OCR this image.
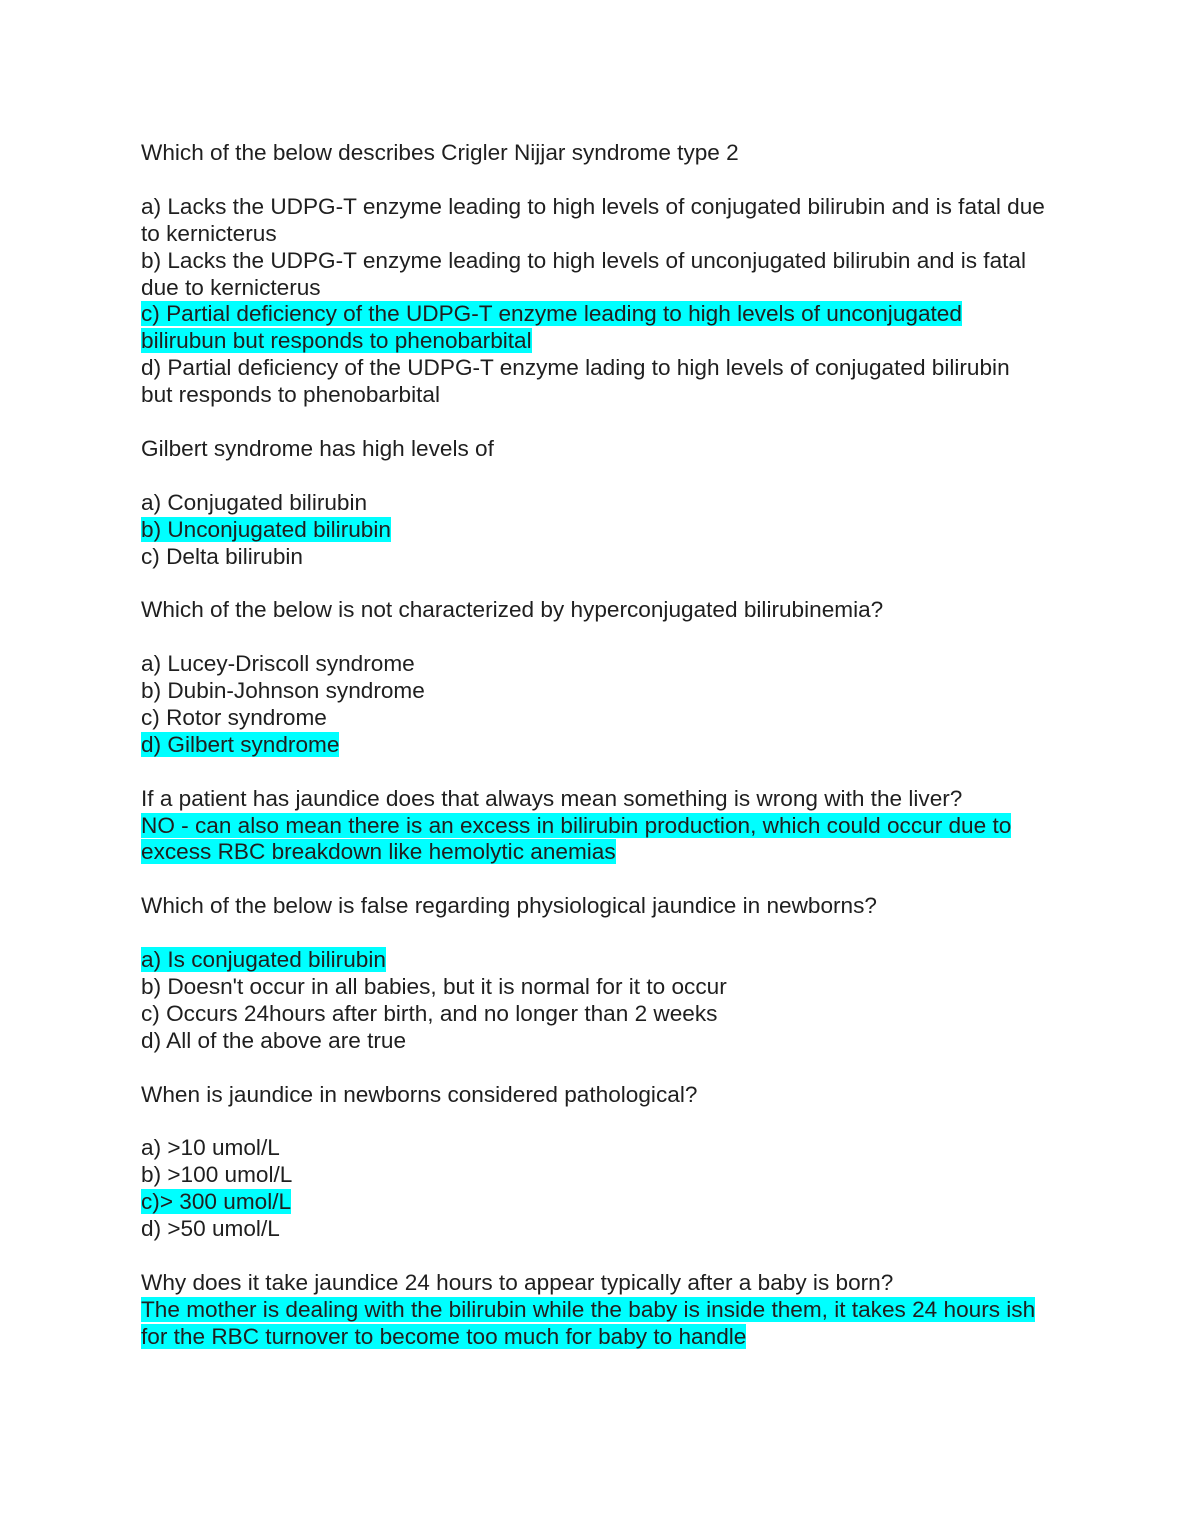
Which of the below describes Crigler Nijjar syndrome type 2

a) Lacks the UDPG-T enzyme leading to high levels of conjugated bilirubin and is fatal due to kernicterus
b) Lacks the UDPG-T enzyme leading to high levels of unconjugated bilirubin and is fatal due to kernicterus
c) Partial deficiency of the UDPG-T enzyme leading to high levels of unconjugated bilirubun but responds to phenobarbital
d) Partial deficiency of the UDPG-T enzyme lading to high levels of conjugated bilirubin but responds to phenobarbital

Gilbert syndrome has high levels of

a) Conjugated bilirubin
b) Unconjugated bilirubin
c) Delta bilirubin

Which of the below is not characterized by hyperconjugated bilirubinemia?

a) Lucey-Driscoll syndrome
b) Dubin-Johnson syndrome
c) Rotor syndrome
d) Gilbert syndrome

If a patient has jaundice does that always mean something is wrong with the liver?

NO - can also mean there is an excess in bilirubin production, which could occur due to excess RBC breakdown like hemolytic anemias

Which of the below is false regarding physiological jaundice in newborns?

a) Is conjugated bilirubin
b) Doesn't occur in all babies, but it is normal for it to occur
c) Occurs 24hours after birth, and no longer than 2 weeks
d) All of the above are true

When is jaundice in newborns considered pathological?

a) >10 umol/L
b) >100 umol/L
c)> 300 umol/L
d) >50 umol/L

Why does it take jaundice 24 hours to appear typically after a baby is born?

The mother is dealing with the bilirubin while the baby is inside them, it takes 24 hours ish for the RBC turnover to become too much for baby to handle
